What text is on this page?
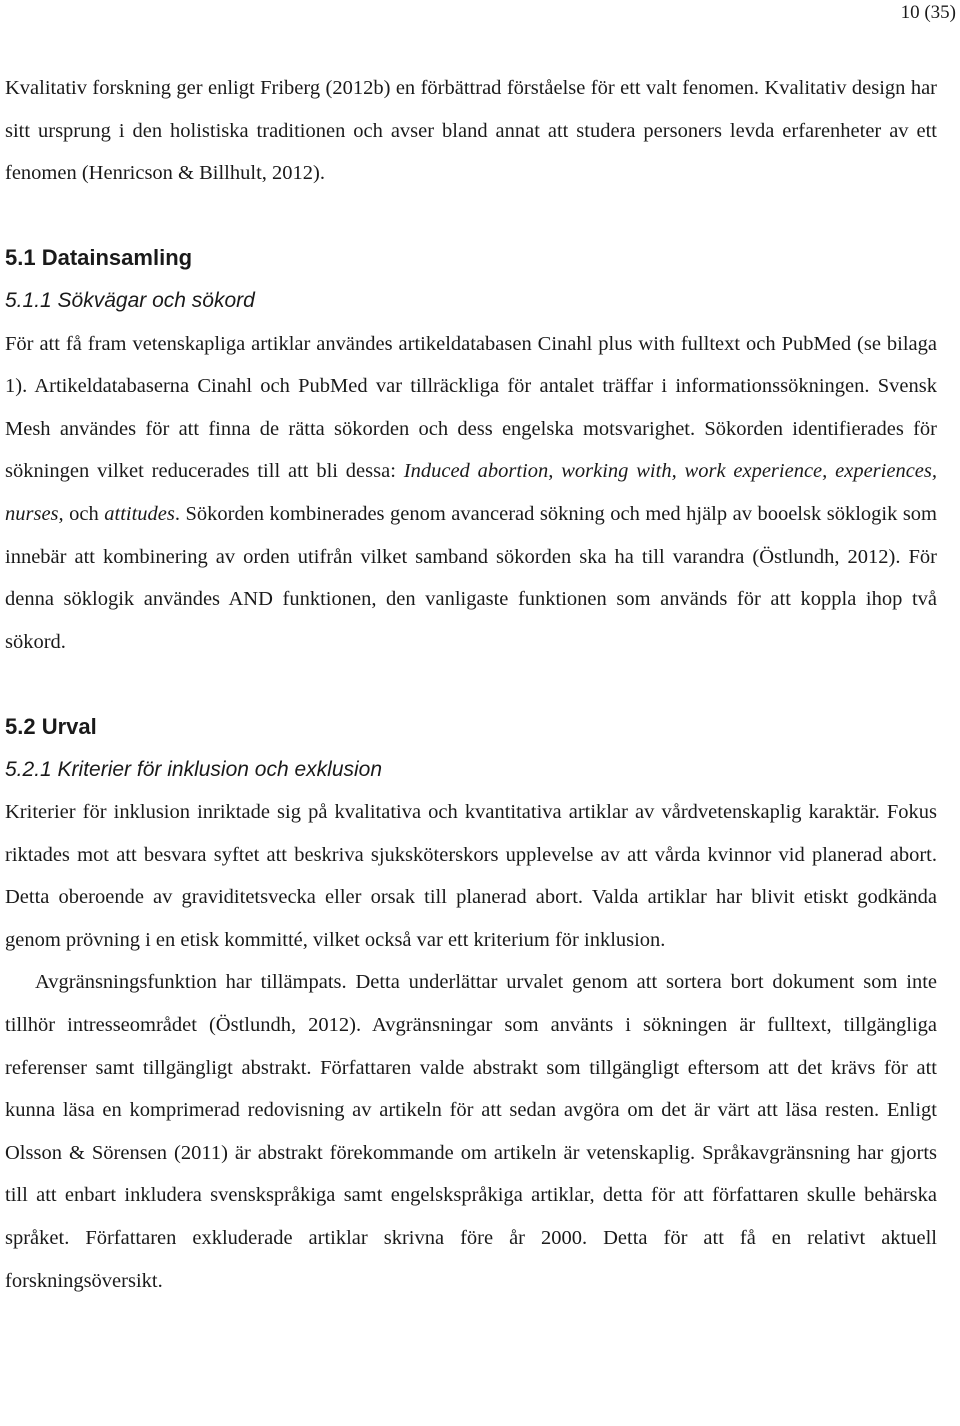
10 (35)

Kvalitativ forskning ger enligt Friberg (2012b) en förbättrad förståelse för ett valt fenomen. Kvalitativ design har sitt ursprung i den holistiska traditionen och avser bland annat att studera personers levda erfarenheter av ett fenomen (Henricson & Billhult, 2012).

5.1 Datainsamling
5.1.1 Sökvägar och sökord

För att få fram vetenskapliga artiklar användes artikeldatabasen Cinahl plus with fulltext och PubMed (se bilaga 1). Artikeldatabaserna Cinahl och PubMed var tillräckliga för antalet träffar i informationssökningen. Svensk Mesh användes för att finna de rätta sökorden och dess engelska motsvarighet. Sökorden identifierades för sökningen vilket reducerades till att bli dessa: Induced abortion, working with, work experience, experiences, nurses, och attitudes. Sökorden kombinerades genom avancerad sökning och med hjälp av booelsk söklogik som innebär att kombinering av orden utifrån vilket samband sökorden ska ha till varandra (Östlundh, 2012). För denna söklogik användes AND funktionen, den vanligaste funktionen som används för att koppla ihop två sökord.

5.2 Urval
5.2.1 Kriterier för inklusion och exklusion

Kriterier för inklusion inriktade sig på kvalitativa och kvantitativa artiklar av vårdvetenskaplig karaktär. Fokus riktades mot att besvara syftet att beskriva sjuksköterskors upplevelse av att vårda kvinnor vid planerad abort. Detta oberoende av graviditetsvecka eller orsak till planerad abort. Valda artiklar har blivit etiskt godkända genom prövning i en etisk kommitté, vilket också var ett kriterium för inklusion.

Avgränsningsfunktion har tillämpats. Detta underlättar urvalet genom att sortera bort dokument som inte tillhör intresseområdet (Östlundh, 2012). Avgränsningar som använts i sökningen är fulltext, tillgängliga referenser samt tillgängligt abstrakt. Författaren valde abstrakt som tillgängligt eftersom att det krävs för att kunna läsa en komprimerad redovisning av artikeln för att sedan avgöra om det är värt att läsa resten. Enligt Olsson & Sörensen (2011) är abstrakt förekommande om artikeln är vetenskaplig. Språkavgränsning har gjorts till att enbart inkludera svenskspråkiga samt engelskspråkiga artiklar, detta för att författaren skulle behärska språket. Författaren exkluderade artiklar skrivna före år 2000. Detta för att få en relativt aktuell forskningsöversikt.
